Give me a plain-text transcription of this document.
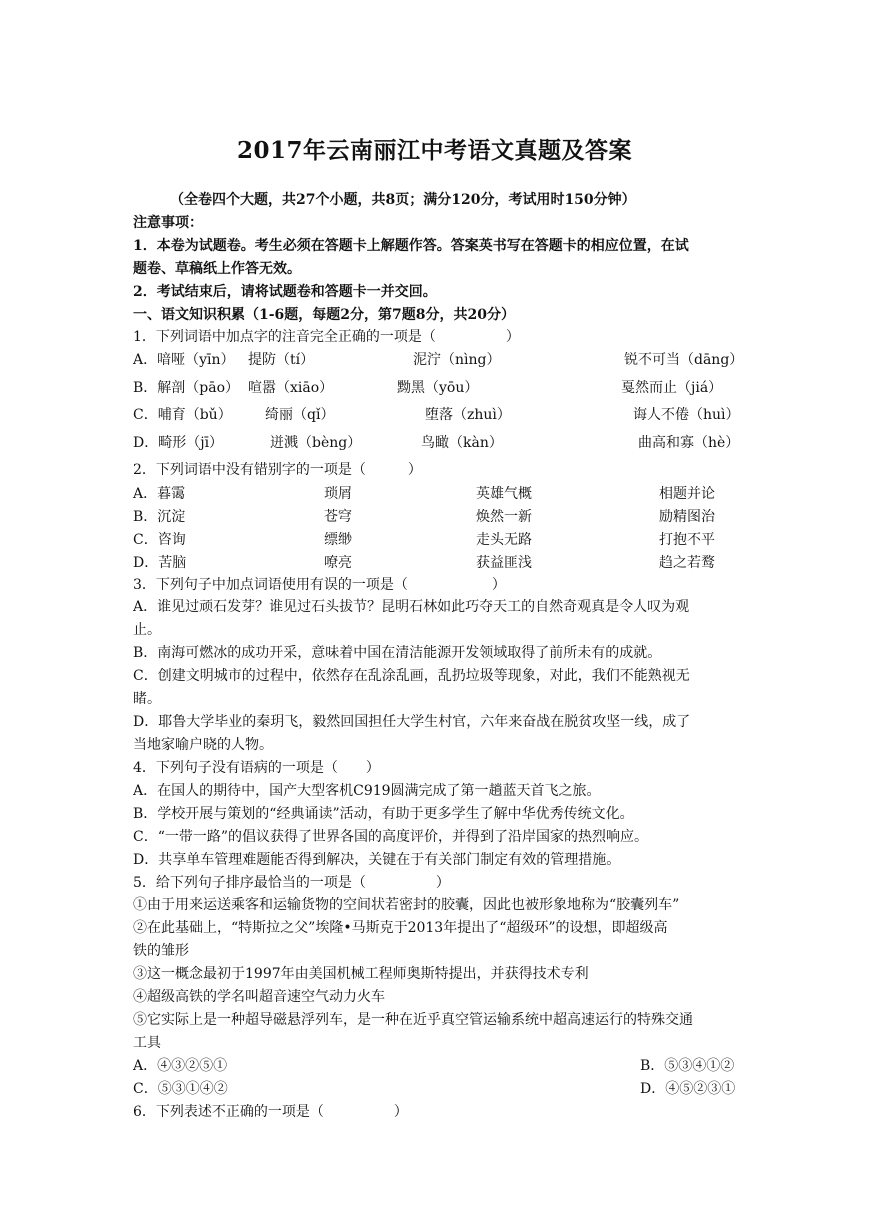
2017年云南丽江中考语文真题及答案
（全卷四个大题，共27个小题，共8页；满分120分，考试用时150分钟）
注意事项：
1．本卷为试题卷。考生必须在答题卡上解题作答。答案英书写在答题卡的相应位置，在试
题卷、草稿纸上作答无效。
2．考试结束后，请将试题卷和答题卡一并交回。
一、语文知识积累（1-6题，每题2分，第7题8分，共20分）
1．下列词语中加点字的注音完全正确的一项是（　　　　　）
A．喑哑（yīn） 提防（tí）	泥泞（nìng）	锐不可当（dāng）
B．解剖（pāo） 喧嚣（xiāo）	黝黑（yōu）	戛然而止（jiá）
C．哺育（bǔ） 绮丽（qǐ）	堕落（zhuì）	诲人不倦（huì）
D．畸形（jī）	迸溅（bèng）	鸟瞰（kàn）	曲高和寡（hè）
2．下列词语中没有错别字的一项是（　　　）
A．暮霭	琐屑	英雄气概	相题并论
B．沉淀	苍穹	焕然一新	励精图治
C．咨询	缥缈	走头无路	打抱不平
D．苦脑	嘹亮	获益匪浅	趋之若鹜
3．下列句子中加点词语使用有误的一项是（　　　　　　）
A．谁见过顽石发芽？谁见过石头拔节？昆明石林如此巧夺天工的自然奇观真是令人叹为观
止。
B．南海可燃冰的成功开采，意味着中国在清洁能源开发领域取得了前所未有的成就。
C．创建文明城市的过程中，依然存在乱涂乱画，乱扔垃圾等现象，对此，我们不能熟视无
睹。
D．耶鲁大学毕业的秦玥飞，毅然回国担任大学生村官，六年来奋战在脱贫攻坚一线，成了
当地家喻户晓的人物。
4．下列句子没有语病的一项是（　　）
A．在国人的期待中，国产大型客机C919圆满完成了第一趟蓝天首飞之旅。
B．学校开展与策划的“经典诵读”活动，有助于更多学生了解中华优秀传统文化。
C．“一带一路”的倡议获得了世界各国的高度评价，并得到了沿岸国家的热烈响应。
D．共享单车管理难题能否得到解决，关键在于有关部门制定有效的管理措施。
5．给下列句子排序最恰当的一项是（　　　　　）
①由于用来运送乘客和运输货物的空间状若密封的胶囊，因此也被形象地称为“胶囊列车”
②在此基础上，“特斯拉之父”埃隆•马斯克于2013年提出了“超级环”的设想，即超级高
铁的雏形
③这一概念最初于1997年由美国机械工程师奥斯特提出，并获得技术专利
④超级高铁的学名叫超音速空气动力火车
⑤它实际上是一种超导磁悬浮列车，是一种在近乎真空管运输系统中超高速运行的特殊交通
工具
A．④③②⑤①	B．⑤③④①②
C．⑤③①④②	D．④⑤②③①
6．下列表述不正确的一项是（　　　　　）
